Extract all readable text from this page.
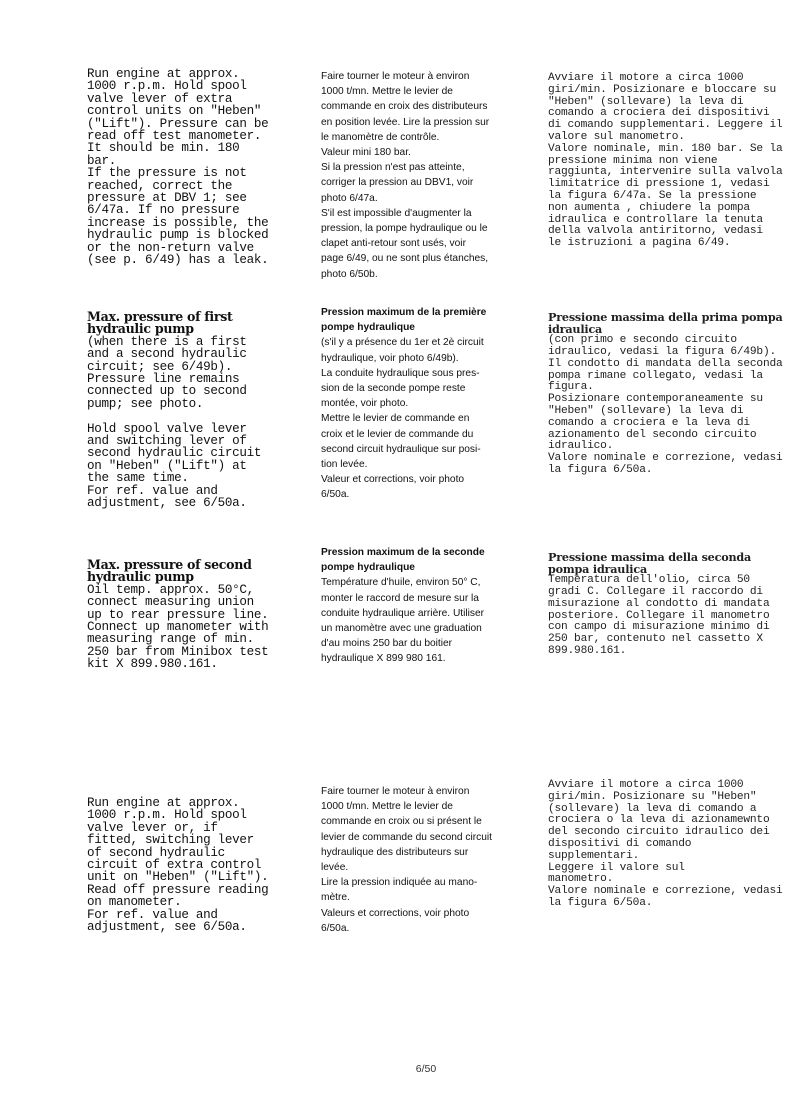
Run engine at approx.
1000 r.p.m. Hold spool
valve lever of extra
control units on "Heben"
("Lift"). Pressure can be
read off test manometer.
It should be min. 180
bar.
If the pressure is not
reached, correct the
pressure at DBV 1; see
6/47a. If no pressure
increase is possible, the
hydraulic pump is blocked
or the non-return valve
(see p. 6/49) has a leak.

Faire tourner le moteur à environ
1000 t/mn. Mettre le levier de
commande en croix des distributeurs
en position levée. Lire la pression sur
le manomètre de contrôle.
Valeur mini 180 bar.
Si la pression n'est pas atteinte,
corriger la pression au DBV1, voir
photo 6/47a.
S'il est impossible d'augmenter la
pression, la pompe hydraulique ou le
clapet anti-retour sont usés, voir
page 6/49, ou ne sont plus étanches,
photo 6/50b.

Avviare il motore a circa 1000
giri/min. Posizionare e bloccare su
"Heben" (sollevare) la leva di
comando a crociera dei dispositivi
di comando supplementari. Leggere il
valore sul manometro.
Valore nominale, min. 180 bar. Se la
pressione minima non viene
raggiunta, intervenire sulla valvola
limitatrice di pressione 1, vedasi
la figura 6/47a. Se la pressione
non aumenta , chiudere la pompa
idraulica e controllare la tenuta
della valvola antiritorno, vedasi
le istruzioni a pagina 6/49.

Max. pressure of first
hydraulic pump

(when there is a first
and a second hydraulic
circuit; see 6/49b).
Pressure line remains
connected up to second
pump; see photo.

Hold spool valve lever
and switching lever of
second hydraulic circuit
on "Heben" ("Lift") at
the same time.
For ref. value and
adjustment, see 6/50a.

Pression maximum de la première
pompe hydraulique

(s'il y a présence du 1er et 2è circuit
hydraulique, voir photo 6/49b).
La conduite hydraulique sous pres-
sion de la seconde pompe reste
montée, voir photo.
Mettre le levier de commande en
croix et le levier de commande du
second circuit hydraulique sur posi-
tion levée.
Valeur et corrections, voir photo
6/50a.

Pressione massima della prima pompa
idraulica

(con primo e secondo circuito
idraulico, vedasi la figura 6/49b).
Il condotto di mandata della seconda
pompa rimane collegato, vedasi la
figura.
Posizionare contemporaneamente su
"Heben" (sollevare) la leva di
comando a crociera e la leva di
azionamento del secondo circuito
idraulico.
Valore nominale e correzione, vedasi
la figura 6/50a.

Max. pressure of second
hydraulic pump

Oil temp. approx. 50°C,
connect measuring union
up to rear pressure line.
Connect up manometer with
measuring range of min.
250 bar from Minibox test
kit X 899.980.161.

Pression maximum de la seconde
pompe hydraulique

Température d'huile, environ 50° C,
monter le raccord de mesure sur la
conduite hydraulique arrière. Utiliser
un manomètre avec une graduation
d'au moins 250 bar du boitier
hydraulique X 899 980 161.

Pressione massima della seconda
pompa idraulica

Temperatura dell'olio, circa 50
gradi C. Collegare il raccordo di
misurazione al condotto di mandata
posteriore. Collegare il manometro
con campo di misurazione minimo di
250 bar, contenuto nel cassetto X
899.980.161.

Run engine at approx.
1000 r.p.m. Hold spool
valve lever or, if
fitted, switching lever
of second hydraulic
circuit of extra control
unit on "Heben" ("Lift").
Read off pressure reading
on manometer.
For ref. value and
adjustment, see 6/50a.

Faire tourner le moteur à environ
1000 t/mn. Mettre le levier de
commande en croix ou si présent le
levier de commande du second circuit
hydraulique des distributeurs sur
levée.
Lire la pression indiquée au mano-
mètre.
Valeurs et corrections, voir photo
6/50a.

Avviare il motore a circa 1000
giri/min. Posizionare su "Heben"
(sollevare) la leva di comando a
crociera o la leva di azionamewnto
del secondo circuito idraulico dei
dispositivi di comando
supplementari.
Leggere il valore sul
manometro.
Valore nominale e correzione, vedasi
la figura 6/50a.

6/50
